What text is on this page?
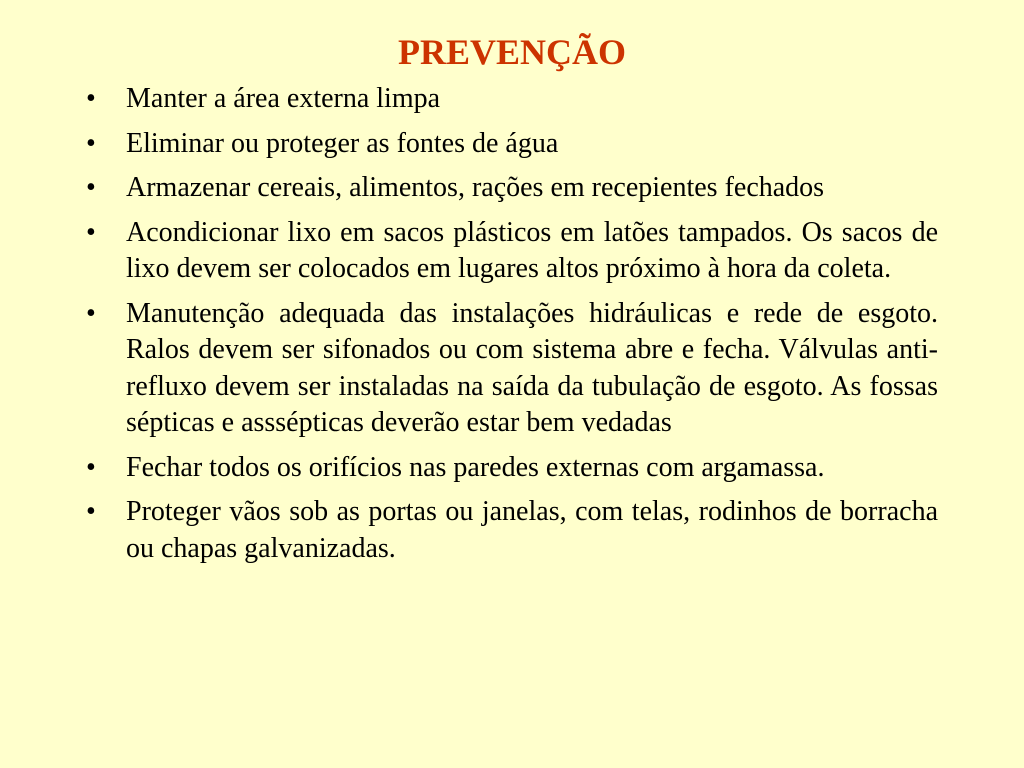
PREVENÇÃO
• Manter a área externa limpa
• Eliminar ou proteger as fontes de água
• Armazenar cereais, alimentos, rações em recepientes fechados
• Acondicionar lixo em sacos plásticos em latões tampados. Os sacos de lixo devem ser colocados em lugares altos próximo à hora da coleta.
• Manutenção adequada das instalações hidráulicas e rede de esgoto. Ralos devem ser sifonados ou com sistema abre e fecha. Válvulas anti-refluxo devem ser instaladas na saída da tubulação de esgoto. As fossas sépticas e asssépticas deverão estar bem vedadas
• Fechar todos os orifícios nas paredes externas com argamassa.
• Proteger vãos sob as portas ou janelas, com telas, rodinhos de borracha ou chapas galvanizadas.
